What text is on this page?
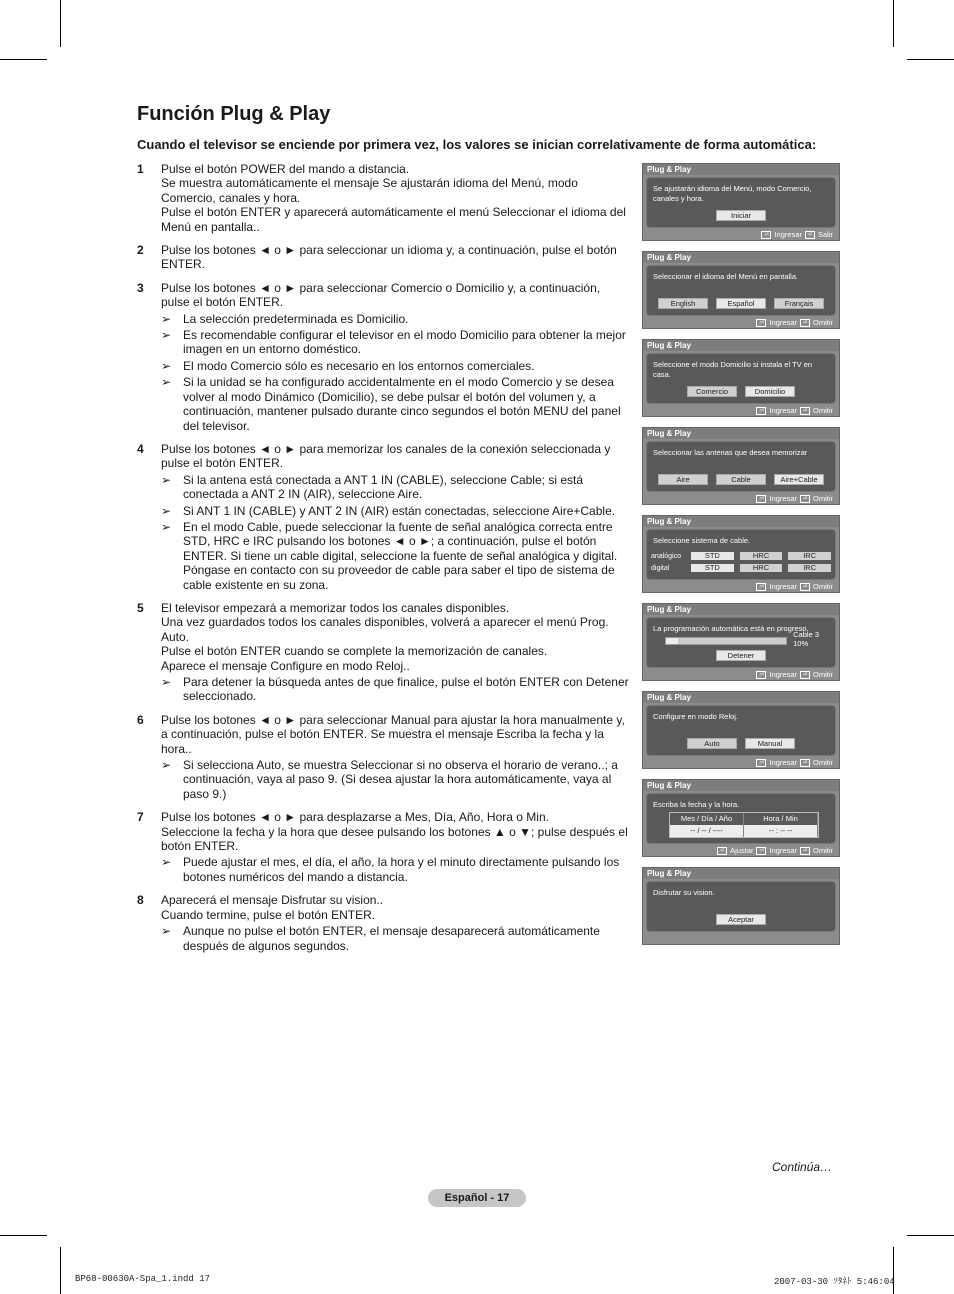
Función Plug & Play

Cuando el televisor se enciende por primera vez, los valores se inician correlativamente de forma automática:

1	Pulse el botón POWER del mando a distancia.
Se muestra automáticamente el mensaje Se ajustarán idioma del Menú, modo Comercio, canales y hora.
Pulse el botón ENTER y aparecerá automáticamente el menú Seleccionar el idioma del Menú en pantalla..
2	Pulse los botones ◄ o ► para seleccionar un idioma y, a continuación, pulse el botón ENTER.
3	Pulse los botones ◄ o ► para seleccionar Comercio o Domicilio y, a continuación, pulse el botón ENTER.
➢ La selección predeterminada es Domicilio.
➢ Es recomendable configurar el televisor en el modo Domicilio para obtener la mejor imagen en un entorno doméstico.
➢ El modo Comercio sólo es necesario en los entornos comerciales.
➢ Si la unidad se ha configurado accidentalmente en el modo Comercio y se desea volver al modo Dinámico (Domicilio), se debe pulsar el botón del volumen y, a continuación, mantener pulsado durante cinco segundos el botón MENU del panel del televisor.
4	Pulse los botones ◄ o ► para memorizar los canales de la conexión seleccionada y pulse el botón ENTER.
➢ Si la antena está conectada a ANT 1 IN (CABLE), seleccione Cable; si está conectada a ANT 2 IN (AIR), seleccione Aire.
➢ Si ANT 1 IN (CABLE) y ANT 2 IN (AIR) están conectadas, seleccione Aire+Cable.
➢ En el modo Cable, puede seleccionar la fuente de señal analógica correcta entre STD, HRC e IRC pulsando los botones ◄ o ►; a continuación, pulse el botón ENTER. Si tiene un cable digital, seleccione la fuente de señal analógica y digital. Póngase en contacto con su proveedor de cable para saber el tipo de sistema de cable existente en su zona.
5	El televisor empezará a memorizar todos los canales disponibles.
Una vez guardados todos los canales disponibles, volverá a aparecer el menú Prog. Auto.
Pulse el botón ENTER cuando se complete la memorización de canales.
Aparece el mensaje Configure en modo Reloj..
➢ Para detener la búsqueda antes de que finalice, pulse el botón ENTER con Detener seleccionado.
6	Pulse los botones ◄ o ► para seleccionar Manual para ajustar la hora manualmente y, a continuación, pulse el botón ENTER. Se muestra el mensaje Escriba la fecha y la hora..
➢ Si selecciona Auto, se muestra Seleccionar si no observa el horario de verano..; a continuación, vaya al paso 9. (Si desea ajustar la hora automáticamente, vaya al paso 9.)
7	Pulse los botones ◄ o ► para desplazarse a Mes, Día, Año, Hora o Min.
Seleccione la fecha y la hora que desee pulsando los botones ▲ o ▼; pulse después el botón ENTER.
➢ Puede ajustar el mes, el día, el año, la hora y el minuto directamente pulsando los botones numéricos del mando a distancia.
8	Aparecerá el mensaje Disfrutar su vision..
Cuando termine, pulse el botón ENTER.
➢ Aunque no pulse el botón ENTER, el mensaje desaparecerá automáticamente después de algunos segundos.
Plug & Play
Se ajustarán idioma del Menú, modo Comercio, canales y hora.
Iniciar
⏎ Ingresar	⏎ Salir
Plug & Play
Seleccionar el idioma del Menú en pantalla.
English	Español	Français
⏎ Ingresar	⏎ Omitir
Plug & Play
Seleccione el modo Domicilio si instala el TV en casa.
Comercio	Domicilio
⏎ Ingresar	⏎ Omitir
Plug & Play
Seleccionar las antenas que desea memorizar
Aire	Cable	Aire+Cable
⏎ Ingresar	⏎ Omitir
Plug & Play
Seleccione sistema de cable.
analógico	STD	HRC	IRC
digital	STD	HRC	IRC
⏎ Ingresar	⏎ Omitir
Plug & Play
La programación automática está en progreso.
Detener
Cable 3
10%
⏎ Ingresar	⏎ Omitir
Plug & Play
Configure en modo Reloj.
Auto	Manual
⏎ Ingresar	⏎ Omitir
Plug & Play
Escriba la fecha y la hora.
Mes / Día / Año	Hora / Min
-- / -- / ----	-- : -- --
⏎ Ajustar	⏎ Ingresar	⏎ Omitir
Plug & Play
Disfrutar su vision.
Aceptar
Continúa…
Español - 17
BP68-00630A-Spa_1.indd 17	2007-03-30 ｿﾀﾈﾄ 5:46:04
